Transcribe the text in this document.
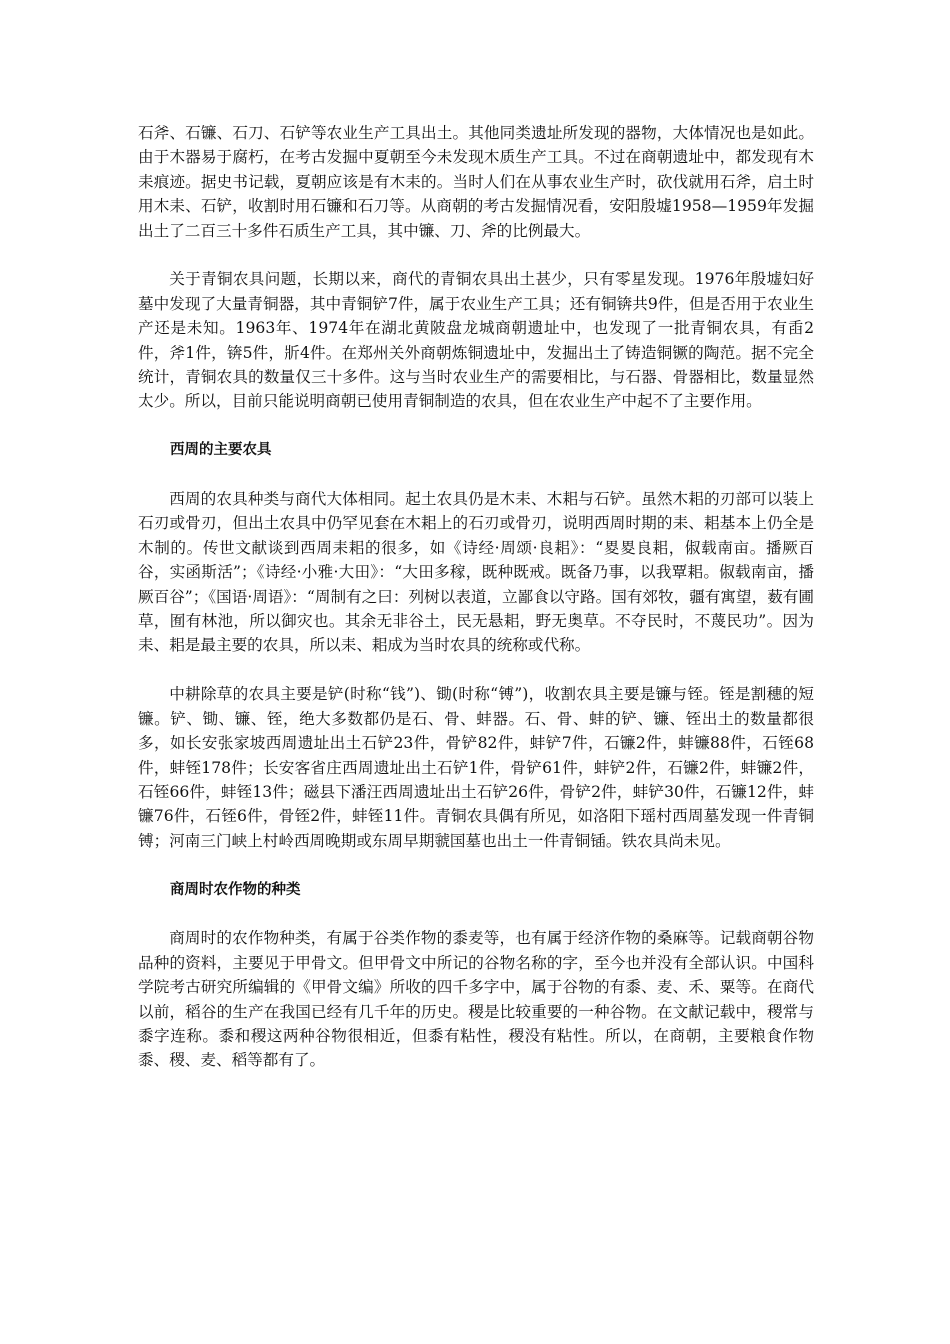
石斧、石镰、石刀、石铲等农业生产工具出土。其他同类遗址所发现的器物，大体情况也是如此。由于木器易于腐朽，在考古发掘中夏朝至今未发现木质生产工具。不过在商朝遗址中，都发现有木耒痕迹。据史书记载，夏朝应该是有木耒的。当时人们在从事农业生产时，砍伐就用石斧，启土时用木耒、石铲，收割时用石镰和石刀等。从商朝的考古发掘情况看，安阳殷墟1958—1959年发掘出土了二百三十多件石质生产工具，其中镰、刀、斧的比例最大。

关于青铜农具问题，长期以来，商代的青铜农具出土甚少，只有零星发现。1976年殷墟妇好墓中发现了大量青铜器，其中青铜铲7件，属于农业生产工具；还有铜锛共9件，但是否用于农业生产还是未知。1963年、1974年在湖北黄陂盘龙城商朝遗址中，也发现了一批青铜农具，有臿2件，斧1件，锛5件，斨4件。在郑州关外商朝炼铜遗址中，发掘出土了铸造铜镢的陶范。据不完全统计，青铜农具的数量仅三十多件。这与当时农业生产的需要相比，与石器、骨器相比，数量显然太少。所以，目前只能说明商朝已使用青铜制造的农具，但在农业生产中起不了主要作用。

西周的主要农具

西周的农具种类与商代大体相同。起土农具仍是木耒、木耜与石铲。虽然木耜的刃部可以装上石刃或骨刃，但出土农具中仍罕见套在木耜上的石刃或骨刃，说明西周时期的耒、耜基本上仍全是木制的。传世文献谈到西周耒耜的很多，如《诗经·周颂·良耜》：“畟畟良耜，俶载南亩。播厥百谷，实函斯活”；《诗经·小雅·大田》：“大田多稼，既种既戒。既备乃事，以我覃耜。俶载南亩，播厥百谷”；《国语·周语》：“周制有之曰：列树以表道，立鄙食以守路。国有郊牧，疆有寓望，薮有圃草，囿有林池，所以御灾也。其余无非谷土，民无悬耜，野无奥草。不夺民时，不蔑民功”。因为耒、耜是最主要的农具，所以耒、耜成为当时农具的统称或代称。

中耕除草的农具主要是铲(时称“钱”)、锄(时称“镈”)，收割农具主要是镰与铚。铚是割穗的短镰。铲、锄、镰、铚，绝大多数都仍是石、骨、蚌器。石、骨、蚌的铲、镰、铚出土的数量都很多，如长安张家坡西周遗址出土石铲23件，骨铲82件，蚌铲7件，石镰2件，蚌镰88件，石铚68件，蚌铚178件；长安客省庄西周遗址出土石铲1件，骨铲61件，蚌铲2件，石镰2件，蚌镰2件，石铚66件，蚌铚13件；磁县下潘汪西周遗址出土石铲26件，骨铲2件，蚌铲30件，石镰12件，蚌镰76件，石铚6件，骨铚2件，蚌铚11件。青铜农具偶有所见，如洛阳下瑶村西周墓发现一件青铜镈；河南三门峡上村岭西周晚期或东周早期虢国墓也出土一件青铜锸。铁农具尚未见。

商周时农作物的种类

商周时的农作物种类，有属于谷类作物的黍麦等，也有属于经济作物的桑麻等。记载商朝谷物品种的资料，主要见于甲骨文。但甲骨文中所记的谷物名称的字，至今也并没有全部认识。中国科学院考古研究所编辑的《甲骨文编》所收的四千多字中，属于谷物的有黍、麦、禾、粟等。在商代以前，稻谷的生产在我国已经有几千年的历史。稷是比较重要的一种谷物。在文献记载中，稷常与黍字连称。黍和稷这两种谷物很相近，但黍有粘性，稷没有粘性。所以，在商朝，主要粮食作物黍、稷、麦、稻等都有了。
